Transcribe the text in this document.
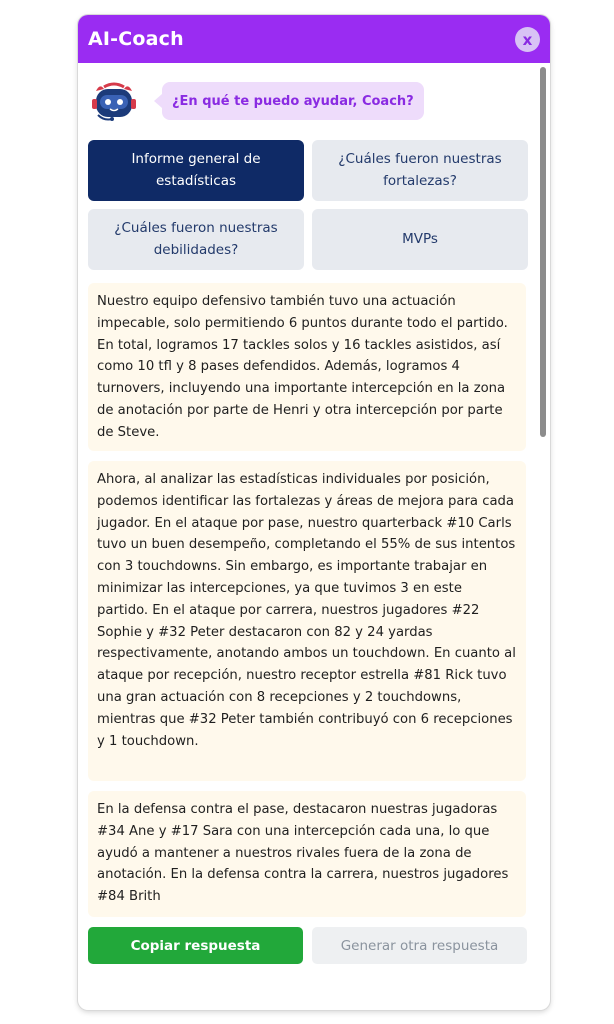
AI-Coach	x
¿En qué te puedo ayudar, Coach?
Informe general de estadísticas
¿Cuáles fueron nuestras fortalezas?
¿Cuáles fueron nuestras debilidades?
MVPs
Nuestro equipo defensivo también tuvo una actuación impecable, solo permitiendo 6 puntos durante todo el partido. En total, logramos 17 tackles solos y 16 tackles asistidos, así como 10 tfl y 8 pases defendidos. Además, logramos 4 turnovers, incluyendo una importante intercepción en la zona de anotación por parte de Henri y otra intercepción por parte de Steve.
Ahora, al analizar las estadísticas individuales por posición, podemos identificar las fortalezas y áreas de mejora para cada jugador. En el ataque por pase, nuestro quarterback #10 Carls tuvo un buen desempeño, completando el 55% de sus intentos con 3 touchdowns. Sin embargo, es importante trabajar en minimizar las intercepciones, ya que tuvimos 3 en este partido. En el ataque por carrera, nuestros jugadores #22 Sophie y #32 Peter destacaron con 82 y 24 yardas respectivamente, anotando ambos un touchdown. En cuanto al ataque por recepción, nuestro receptor estrella #81 Rick tuvo una gran actuación con 8 recepciones y 2 touchdowns, mientras que #32 Peter también contribuyó con 6 recepciones y 1 touchdown.
En la defensa contra el pase, destacaron nuestras jugadoras #34 Ane y #17 Sara con una intercepción cada una, lo que ayudó a mantener a nuestros rivales fuera de la zona de anotación. En la defensa contra la carrera, nuestros jugadores #84 Brith
Copiar respuesta	Generar otra respuesta
